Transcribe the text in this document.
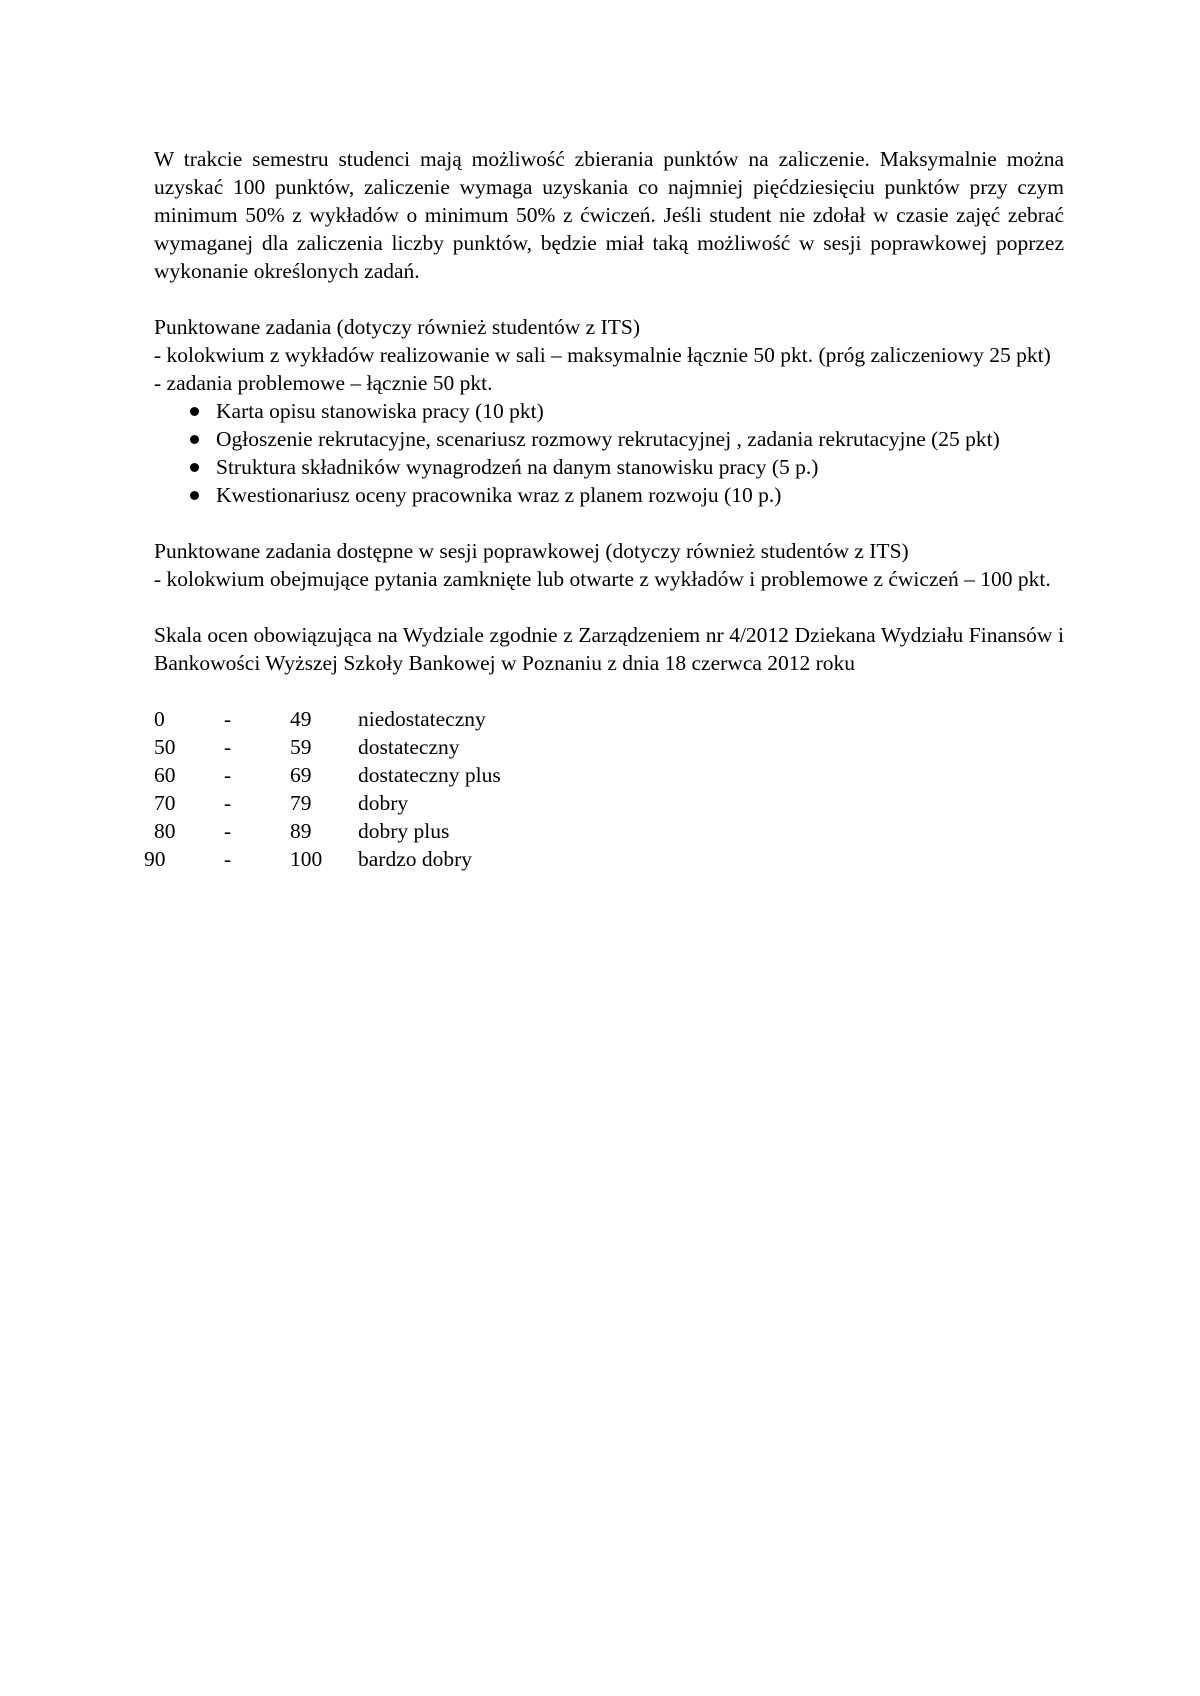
W trakcie semestru studenci mają możliwość zbierania punktów na zaliczenie. Maksymalnie można uzyskać 100 punktów, zaliczenie wymaga uzyskania co najmniej pięćdziesięciu punktów przy czym minimum 50% z wykładów o minimum 50% z ćwiczeń. Jeśli student nie zdołał w czasie zajęć zebrać wymaganej dla zaliczenia liczby punktów, będzie miał taką możliwość w sesji poprawkowej poprzez wykonanie określonych zadań.

Punktowane zadania (dotyczy również studentów z ITS)

- kolokwium z wykładów realizowanie w sali – maksymalnie łącznie 50 pkt. (próg zaliczeniowy 25 pkt)

- zadania problemowe – łącznie 50 pkt.

Karta opisu stanowiska pracy (10 pkt)
Ogłoszenie rekrutacyjne, scenariusz rozmowy rekrutacyjnej , zadania rekrutacyjne (25 pkt)
Struktura składników wynagrodzeń na danym stanowisku pracy (5 p.)
Kwestionariusz oceny pracownika wraz z planem rozwoju (10 p.)

Punktowane zadania dostępne w sesji poprawkowej (dotyczy również studentów z ITS)

- kolokwium obejmujące pytania zamknięte lub otwarte z wykładów i problemowe z ćwiczeń – 100 pkt.

Skala ocen obowiązująca na Wydziale zgodnie z Zarządzeniem nr 4/2012 Dziekana Wydziału Finansów i Bankowości Wyższej Szkoły Bankowej w Poznaniu z dnia 18 czerwca 2012 roku

0	-	49	niedostateczny
50	-	59	dostateczny
60	-	69	dostateczny plus
70	-	79	dobry
80	-	89	dobry plus
90	-	100	bardzo dobry
